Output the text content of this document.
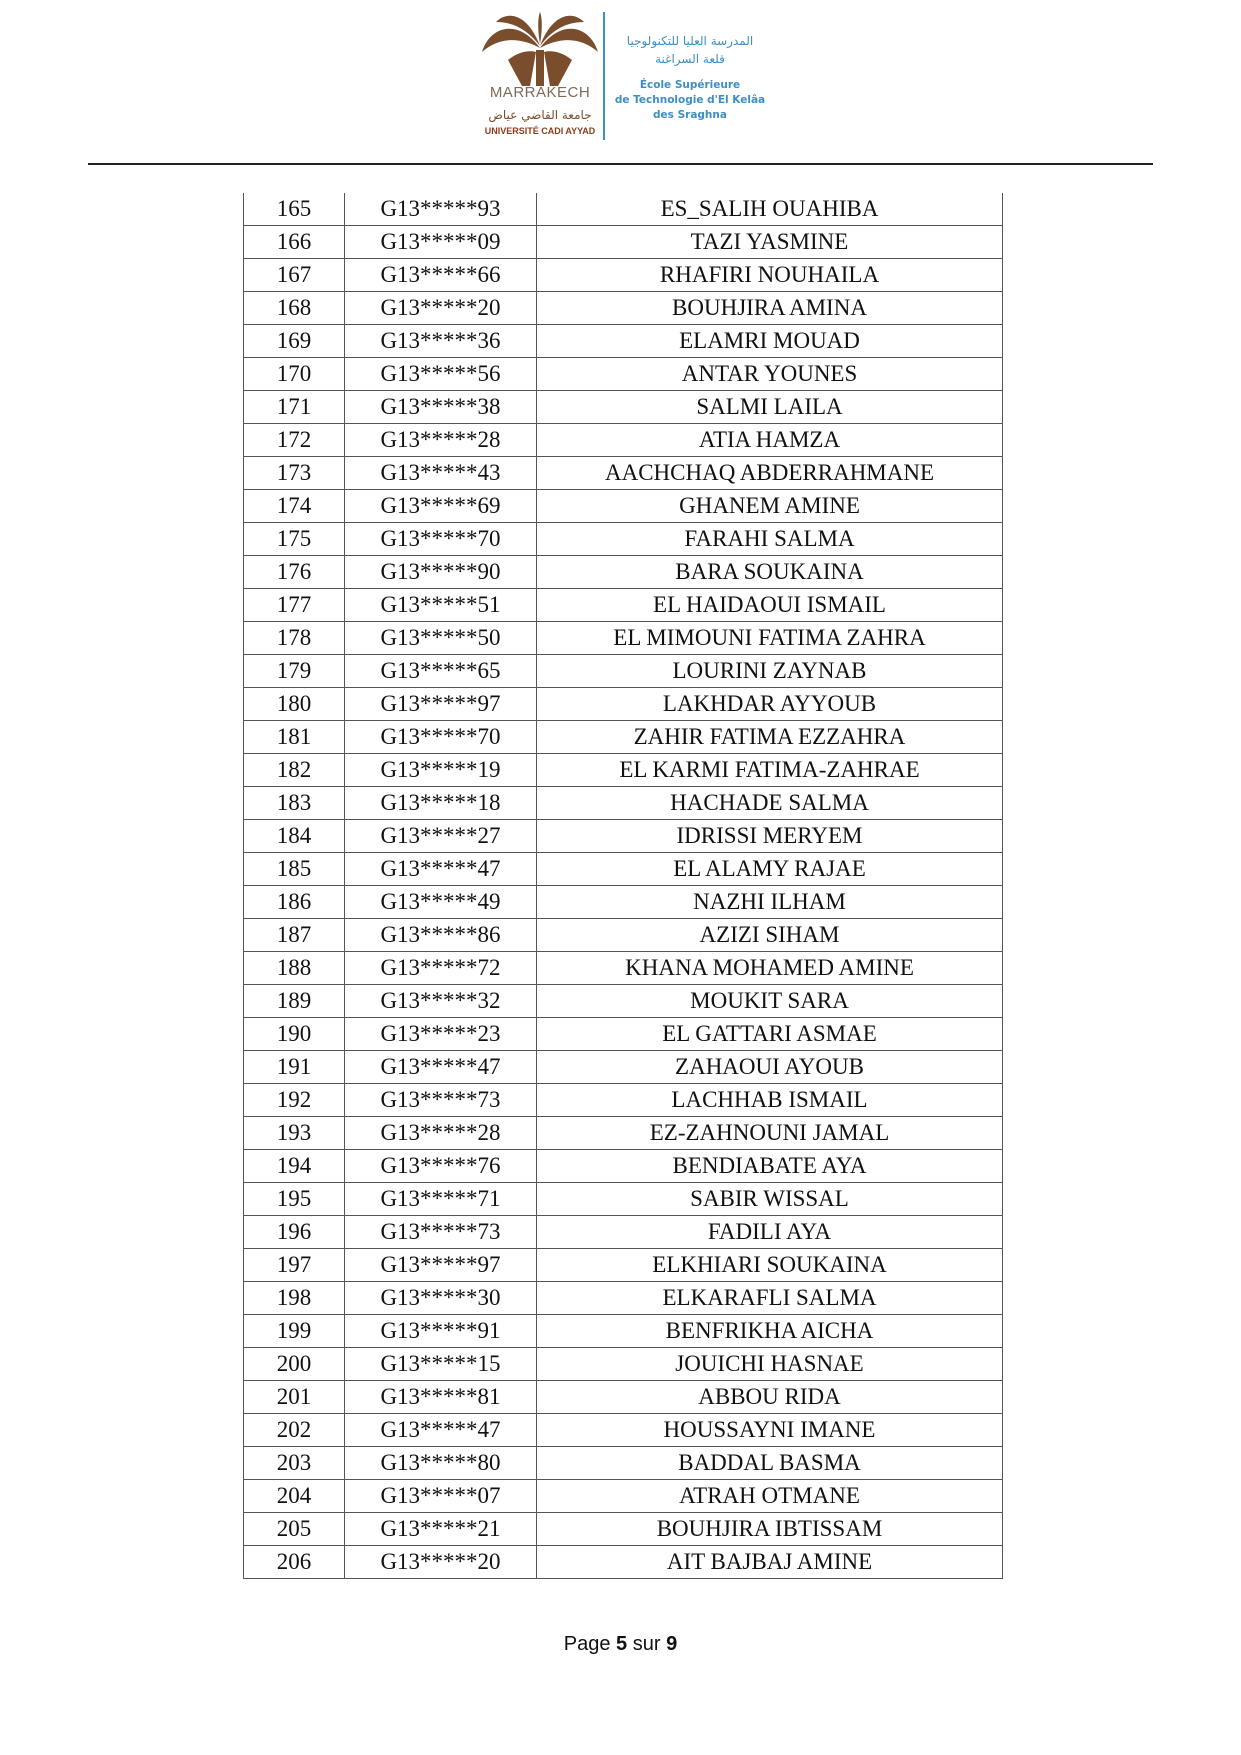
MARRAKECH
جامعة القاضي عياض
UNIVERSITÉ CADI AYYAD
المدرسة العليا للتكنولوجيا
قلعة السراغنة
École Supérieure
de Technologie d'El Kelâa
des Sraghna
165	G13*****93	ES_SALIH OUAHIBA
166	G13*****09	TAZI YASMINE
167	G13*****66	RHAFIRI NOUHAILA
168	G13*****20	BOUHJIRA AMINA
169	G13*****36	ELAMRI MOUAD
170	G13*****56	ANTAR YOUNES
171	G13*****38	SALMI LAILA
172	G13*****28	ATIA HAMZA
173	G13*****43	AACHCHAQ ABDERRAHMANE
174	G13*****69	GHANEM AMINE
175	G13*****70	FARAHI SALMA
176	G13*****90	BARA SOUKAINA
177	G13*****51	EL HAIDAOUI ISMAIL
178	G13*****50	EL MIMOUNI FATIMA ZAHRA
179	G13*****65	LOURINI ZAYNAB
180	G13*****97	LAKHDAR AYYOUB
181	G13*****70	ZAHIR FATIMA EZZAHRA
182	G13*****19	EL KARMI FATIMA-ZAHRAE
183	G13*****18	HACHADE SALMA
184	G13*****27	IDRISSI MERYEM
185	G13*****47	EL ALAMY RAJAE
186	G13*****49	NAZHI ILHAM
187	G13*****86	AZIZI SIHAM
188	G13*****72	KHANA MOHAMED AMINE
189	G13*****32	MOUKIT SARA
190	G13*****23	EL GATTARI ASMAE
191	G13*****47	ZAHAOUI AYOUB
192	G13*****73	LACHHAB ISMAIL
193	G13*****28	EZ-ZAHNOUNI JAMAL
194	G13*****76	BENDIABATE AYA
195	G13*****71	SABIR WISSAL
196	G13*****73	FADILI AYA
197	G13*****97	ELKHIARI SOUKAINA
198	G13*****30	ELKARAFLI SALMA
199	G13*****91	BENFRIKHA AICHA
200	G13*****15	JOUICHI HASNAE
201	G13*****81	ABBOU RIDA
202	G13*****47	HOUSSAYNI IMANE
203	G13*****80	BADDAL BASMA
204	G13*****07	ATRAH OTMANE
205	G13*****21	BOUHJIRA IBTISSAM
206	G13*****20	AIT BAJBAJ AMINE
Page 5 sur 9
